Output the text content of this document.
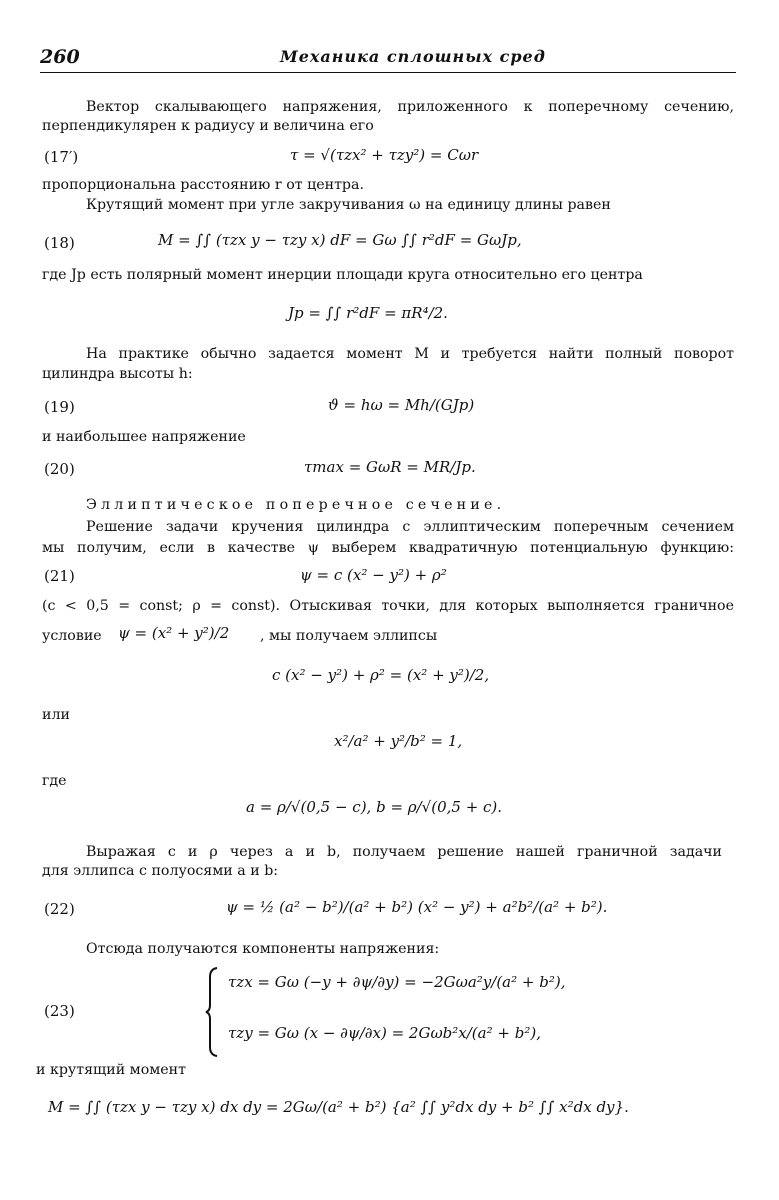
260	Механика сплошных сред
Вектор скалывающего напряжения, приложенного к поперечному сечению,
перпендикулярен к радиусу и величина его
(17′)	τ = √(τzx² + τzy²) = Cωr
пропорциональна расстоянию r от центра.
Крутящий момент при угле закручивания ω на единицу длины равен
(18)	M = ∫∫ (τzx y − τzy x) dF = Gω ∫∫ r²dF = GωJp,
где Jp есть полярный момент инерции площади круга относительно его центра
Jp = ∫∫ r²dF = πR⁴/2.
На практике обычно задается момент M и требуется найти полный поворот
цилиндра высоты h:
(19)	ϑ = hω = Mh/(GJp)
и наибольшее напряжение
(20)	τmax = GωR = MR/Jp.
Эллиптическое поперечное сечение.
Решение задачи кручения цилиндра с эллиптическим поперечным сечением
мы получим, если в качестве ψ выберем квадратичную потенциальную функцию:
(21)	ψ = c (x² − y²) + ρ²
(c < 0,5 = const; ρ = const). Отыскивая точки, для которых выполняется граничное
условие ψ = (x² + y²)/2 , мы получаем эллипсы
c (x² − y²) + ρ² = (x² + y²)/2,
или
x²/a² + y²/b² = 1,
где
a = ρ/√(0,5 − c), b = ρ/√(0,5 + c).
Выражая c и ρ через a и b, получаем решение нашей граничной задачи
для эллипса с полуосями a и b:
(22)	ψ = ½ (a² − b²)/(a² + b²) (x² − y²) + a²b²/(a² + b²).
Отсюда получаются компоненты напряжения:
(23)
τzx = Gω (−y + ∂ψ/∂y) = −2Gωa²y/(a² + b²),
τzy = Gω (x − ∂ψ/∂x) = 2Gωb²x/(a² + b²),
и крутящий момент
M = ∫∫ (τzx y − τzy x) dx dy = 2Gω/(a² + b²) {a² ∫∫ y²dx dy + b² ∫∫ x²dx dy}.
